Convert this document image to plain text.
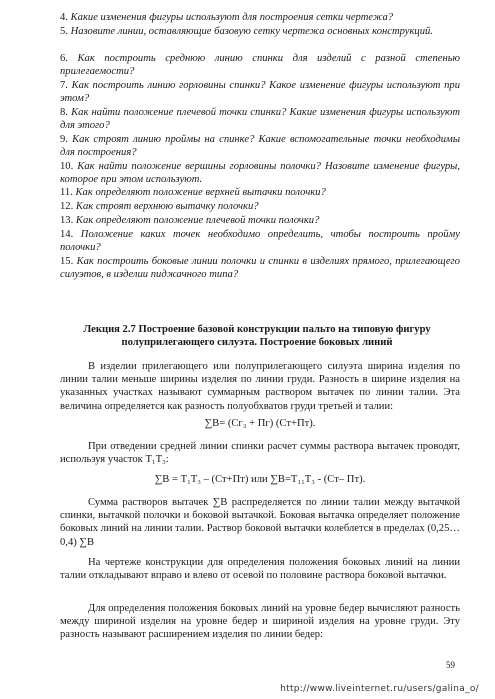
4. Какие изменения фигуры используют для построения сетки чертежа?
5. Назовите линии, оставляющие базовую сетку чертежа основных конструкций.
6. Как построить среднюю линию спинки для изделий с разной степенью прилегаемости?
7. Как построить линию горловины спинки? Какое изменение фигуры используют при этом?
8. Как найти положение плечевой точки спинки? Какие изменения фигуры используют для этого?
9. Как строят линию проймы на спинке? Какие вспомогательные точки необходимы для построения?
10. Как найти положение вершины горловины полочки? Назовите изменение фигуры, которое при этом используют.
11. Как определяют положение верхней вытачки полочки?
12. Как строят верхнюю вытачку полочки?
13. Как определяют положение плечевой точки полочки?
14. Положение каких точек необходимо определить, чтобы построить пройму полочки?
15. Как построить боковые линии полочки и спинки в изделиях прямого, прилегающего силуэтов, в изделии пиджачного типа?
Лекция 2.7 Построение базовой конструкции пальто на типовую фигуру полуприлегающего силуэта. Построение боковых линий
В изделии прилегающего или полуприлегающего силуэта ширина изделия по линии талии меньше ширины изделия по линии груди. Разность в ширине изделия на указанных участках называют суммарным раствором вытачек по линии талии. Эта величина определяется как разность полуобхватов груди третьей и талии:
∑В= (Сг₃ + Пг) (Ст+Пт).
При отведении средней линии спинки расчет суммы раствора вытачек проводят, используя участок Т₁Т₃:
∑В = Т₁Т₃ – (Ст+Пт) или ∑В=Т₁₁Т₃ - (Ст– Пт).
Сумма растворов вытачек ∑В распределяется по линии талии между вытачкой спинки, вытачкой полочки и боковой вытачкой. Боковая вытачка определяет положение боковых линий на линии талии. Раствор боковой вытачки колеблется в пределах (0,25…0,4) ∑В
На чертеже конструкции для определения положения боковых линий на линии талии откладывают вправо и влево от осевой по половине раствора боковой вытачки.
Для определения положения боковых линий на уровне бедер вычисляют разность между шириной изделия на уровне бедер и шириной изделия на уровне груди. Эту разность называют расширением изделия по линии бедер:
59
http://www.liveinternet.ru/users/galina_o/
